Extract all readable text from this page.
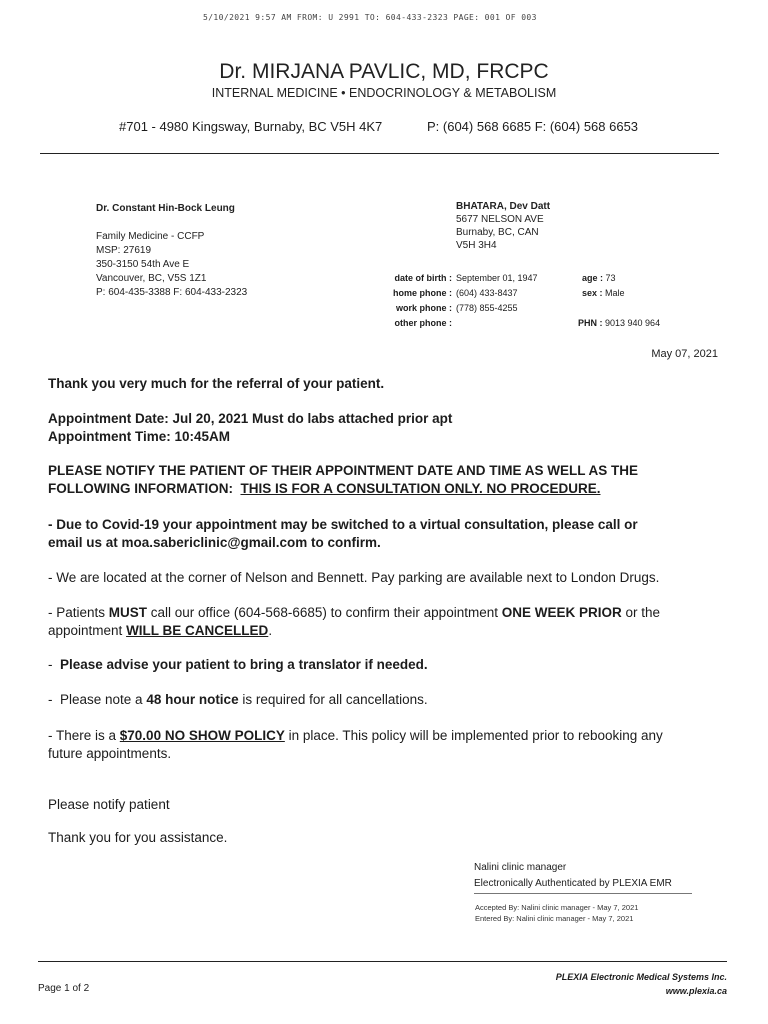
5/10/2021 9:57 AM FROM: U 2991 TO: 604-433-2323 PAGE: 001 OF 003
Dr. MIRJANA PAVLIC, MD, FRCPC
INTERNAL MEDICINE • ENDOCRINOLOGY & METABOLISM
#701 - 4980 Kingsway, Burnaby, BC V5H 4K7	P: (604) 568 6685 F: (604) 568 6653
Dr. Constant Hin-Bock Leung
Family Medicine - CCFP
MSP: 27619
350-3150 54th Ave E
Vancouver, BC, V5S 1Z1
P: 604-435-3388 F: 604-433-2323
BHATARA, Dev Datt
5677 NELSON AVE
Burnaby, BC, CAN
V5H 3H4
date of birth : September 01, 1947
home phone : (604) 433-8437
work phone : (778) 855-4255
other phone :
age : 73
sex : Male
PHN : 9013 940 964
May 07, 2021
Thank you very much for the referral of your patient.
Appointment Date: Jul 20, 2021 Must do labs attached prior apt
Appointment Time: 10:45AM
PLEASE NOTIFY THE PATIENT OF THEIR APPOINTMENT DATE AND TIME AS WELL AS THE
FOLLOWING INFORMATION:  THIS IS FOR A CONSULTATION ONLY. NO PROCEDURE.
- Due to Covid-19 your appointment may be switched to a virtual consultation, please call or
email us at moa.sabericlinic@gmail.com to confirm.
- We are located at the corner of Nelson and Bennett. Pay parking are available next to London Drugs.
- Patients MUST call our office (604-568-6685) to confirm their appointment ONE WEEK PRIOR or the
appointment WILL BE CANCELLED.
-  Please advise your patient to bring a translator if needed.
-  Please note a 48 hour notice is required for all cancellations.
- There is a $70.00 NO SHOW POLICY in place. This policy will be implemented prior to rebooking any
future appointments.
Please notify patient
Thank you for you assistance.
Nalini clinic manager
Electronically Authenticated by PLEXIA EMR
Accepted By: Nalini clinic manager - May 7, 2021
Entered By: Nalini clinic manager - May 7, 2021
Page 1 of 2
PLEXIA Electronic Medical Systems Inc.
www.plexia.ca
